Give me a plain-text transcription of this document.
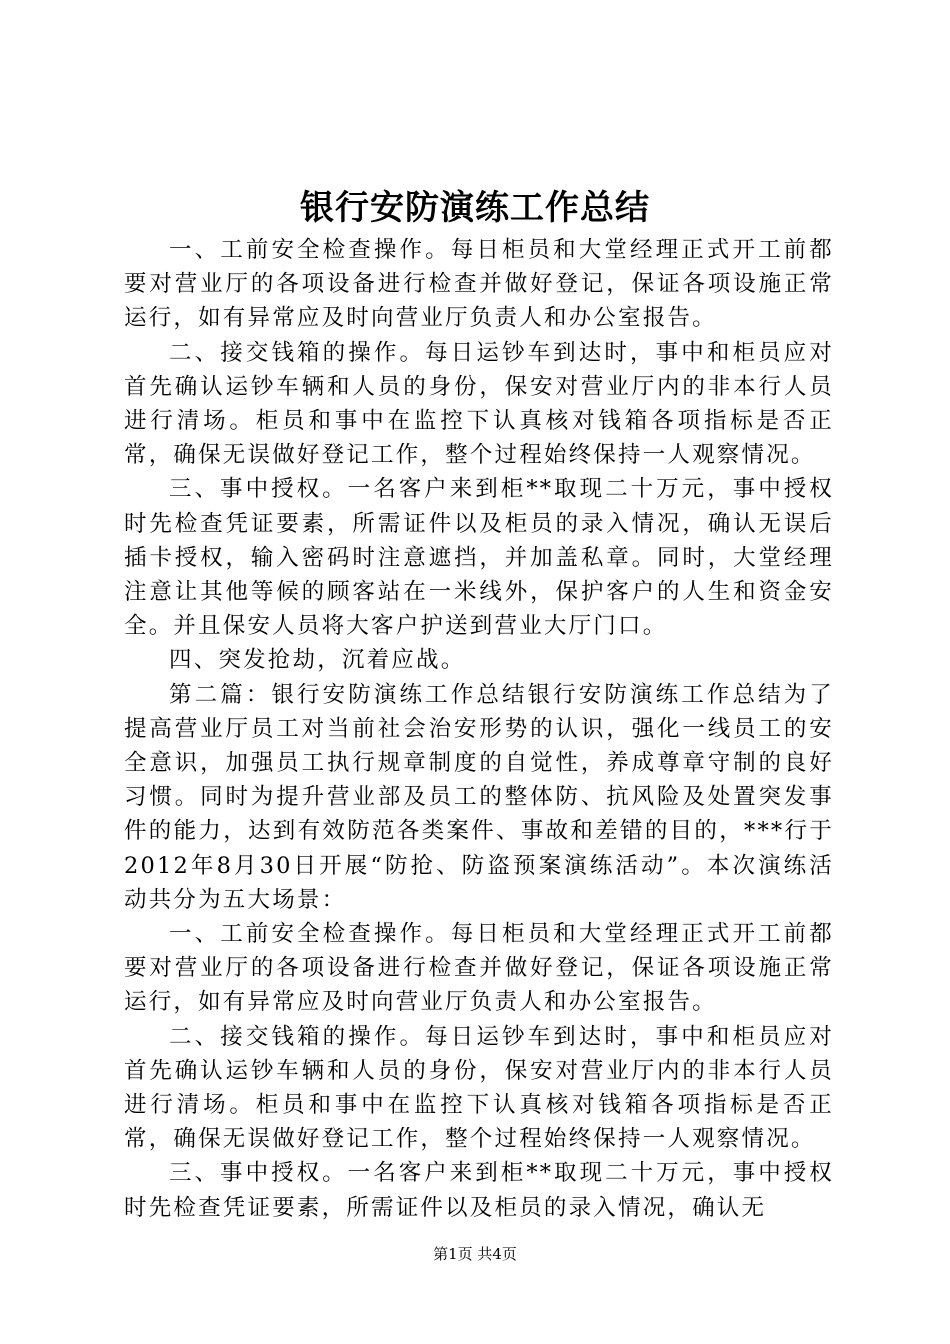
银行安防演练工作总结

一、工前安全检查操作。每日柜员和大堂经理正式开工前都要对营业厅的各项设备进行检查并做好登记，保证各项设施正常运行，如有异常应及时向营业厅负责人和办公室报告。

二、接交钱箱的操作。每日运钞车到达时，事中和柜员应对首先确认运钞车辆和人员的身份，保安对营业厅内的非本行人员进行清场。柜员和事中在监控下认真核对钱箱各项指标是否正常，确保无误做好登记工作，整个过程始终保持一人观察情况。

三、事中授权。一名客户来到柜**取现二十万元，事中授权时先检查凭证要素，所需证件以及柜员的录入情况，确认无误后插卡授权，输入密码时注意遮挡，并加盖私章。同时，大堂经理注意让其他等候的顾客站在一米线外，保护客户的人生和资金安全。并且保安人员将大客户护送到营业大厅门口。

四、突发抢劫，沉着应战。

第二篇：银行安防演练工作总结银行安防演练工作总结为了提高营业厅员工对当前社会治安形势的认识，强化一线员工的安全意识，加强员工执行规章制度的自觉性，养成尊章守制的良好习惯。同时为提升营业部及员工的整体防、抗风险及处置突发事件的能力，达到有效防范各类案件、事故和差错的目的，***行于2012年8月30日开展“防抢、防盗预案演练活动”。本次演练活动共分为五大场景：

一、工前安全检查操作。每日柜员和大堂经理正式开工前都要对营业厅的各项设备进行检查并做好登记，保证各项设施正常运行，如有异常应及时向营业厅负责人和办公室报告。

二、接交钱箱的操作。每日运钞车到达时，事中和柜员应对首先确认运钞车辆和人员的身份，保安对营业厅内的非本行人员进行清场。柜员和事中在监控下认真核对钱箱各项指标是否正常，确保无误做好登记工作，整个过程始终保持一人观察情况。

三、事中授权。一名客户来到柜**取现二十万元，事中授权时先检查凭证要素，所需证件以及柜员的录入情况，确认无

第1页 共4页
